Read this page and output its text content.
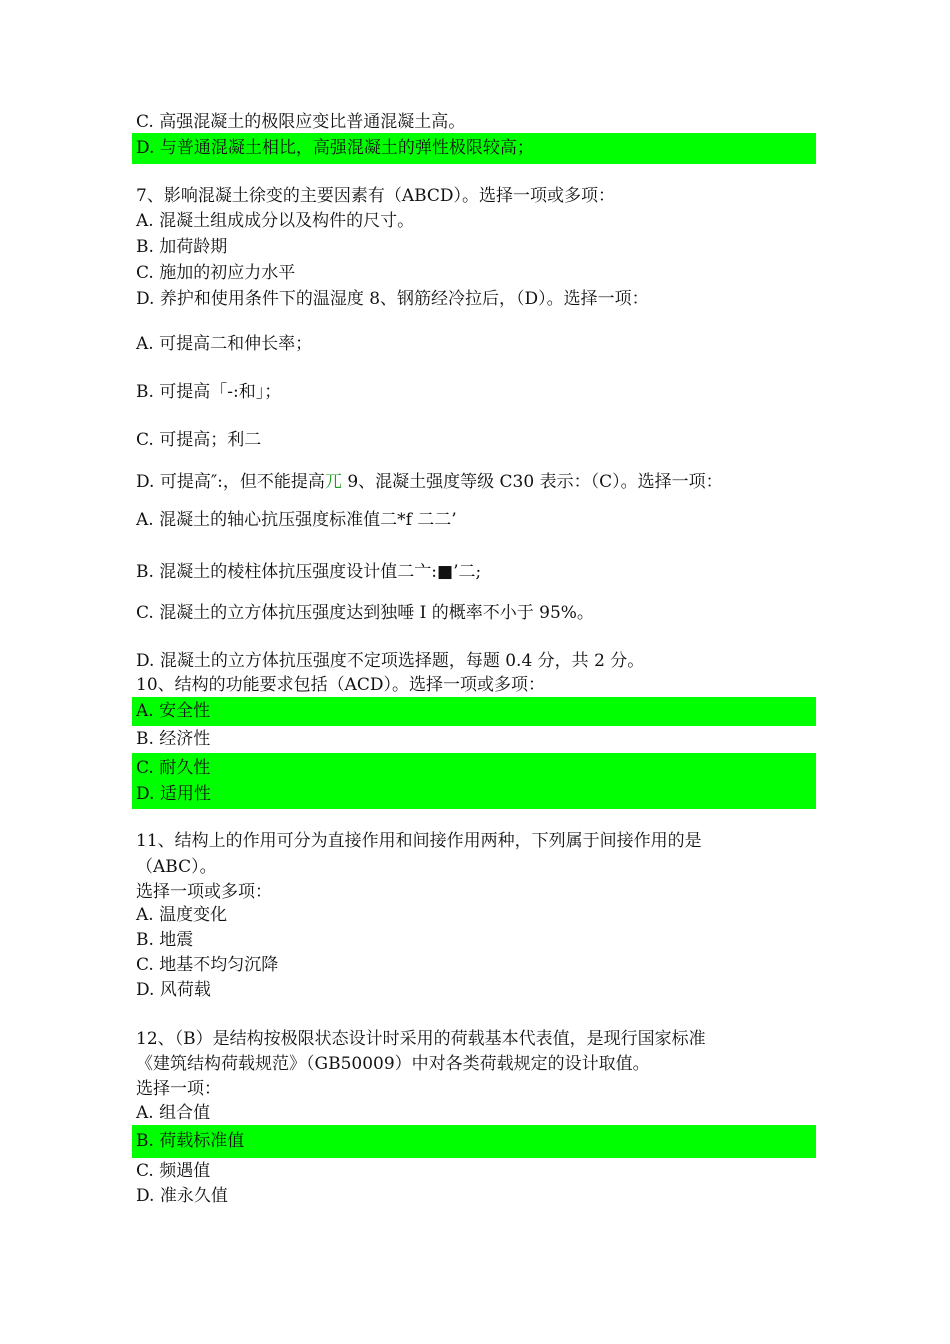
C. 高强混凝土的极限应变比普通混凝土高。
D. 与普通混凝土相比，高强混凝土的弹性极限较高；
7、影响混凝土徐变的主要因素有（ABCD）。选择一项或多项：
A. 混凝土组成成分以及构件的尺寸。
B. 加荷龄期
C. 施加的初应力水平
D. 养护和使用条件下的温湿度 8、钢筋经冷拉后，（D）。选择一项：
A. 可提高二和伸长率；
B. 可提高「-:和」；
C. 可提高；利二
D. 可提高″:，但不能提高兀 9、混凝土强度等级 C30 表示：（C）。选择一项：
A. 混凝土的轴心抗压强度标准值二*f 二二’
B. 混凝土的棱柱体抗压强度设计值二亠:■’二;
C. 混凝土的立方体抗压强度达到独唾 I 的概率不小于 95%。
D. 混凝土的立方体抗压强度不定项选择题，每题 0.4 分，共 2 分。
10、结构的功能要求包括（ACD）。选择一项或多项：
A. 安全性
B. 经济性
C. 耐久性
D. 适用性
11、结构上的作用可分为直接作用和间接作用两种，下列属于间接作用的是
（ABC）。
选择一项或多项：
A. 温度变化
B. 地震
C. 地基不均匀沉降
D. 风荷载
12、（B）是结构按极限状态设计时采用的荷载基本代表值，是现行国家标准
《建筑结构荷载规范》（GB50009）中对各类荷载规定的设计取值。
选择一项：
A. 组合值
B. 荷载标准值
C. 频遇值
D. 准永久值
